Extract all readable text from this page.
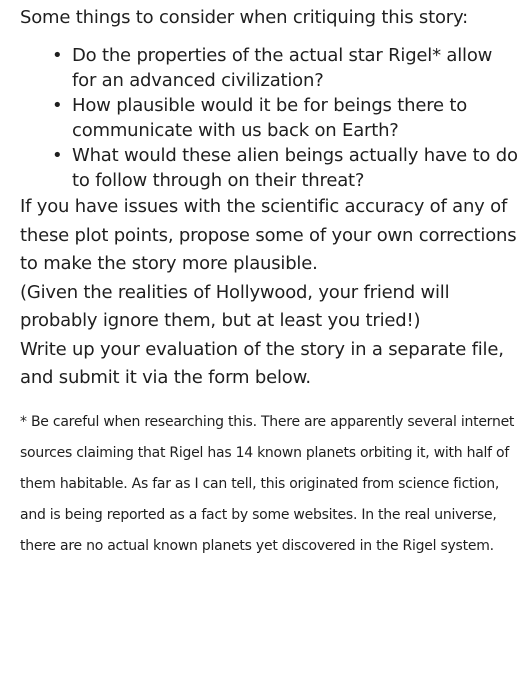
Some things to consider when critiquing this story:

• Do the properties of the actual star Rigel* allow for an advanced civilization?
• How plausible would it be for beings there to communicate with us back on Earth?
• What would these alien beings actually have to do to follow through on their threat?

If you have issues with the scientific accuracy of any of these plot points, propose some of your own corrections to make the story more plausible.

(Given the realities of Hollywood, your friend will probably ignore them, but at least you tried!)

Write up your evaluation of the story in a separate file, and submit it via the form below.

* Be careful when researching this. There are apparently several internet sources claiming that Rigel has 14 known planets orbiting it, with half of them habitable. As far as I can tell, this originated from science fiction, and is being reported as a fact by some websites. In the real universe, there are no actual known planets yet discovered in the Rigel system.
